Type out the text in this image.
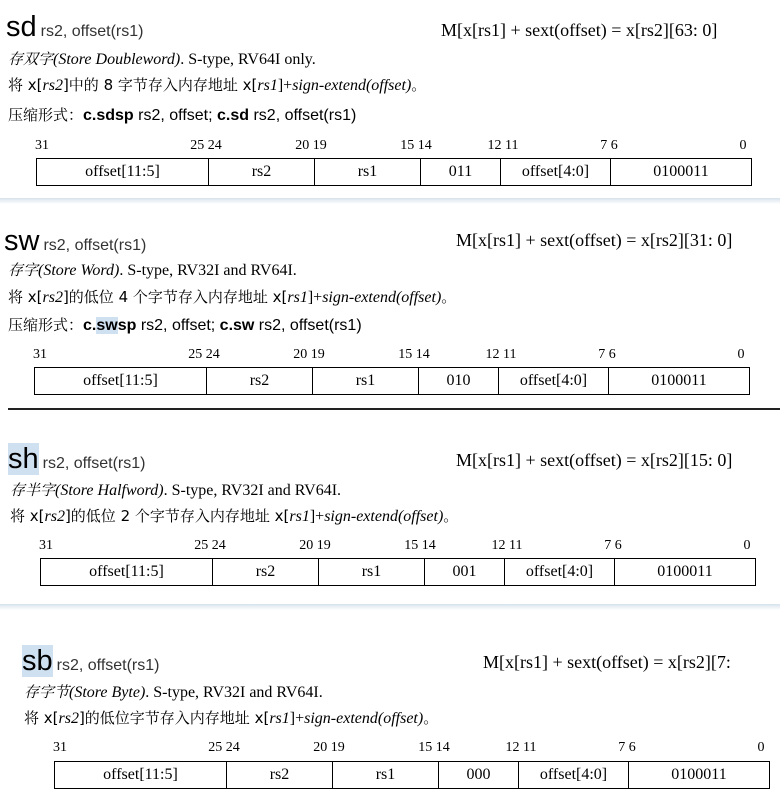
sd rs2, offset(rs1)	M[x[rs1] + sext(offset) = x[rs2][63: 0]
存双字(Store Doubleword). S-type, RV64I only.
将 x[rs2]中的 8 字节存入内存地址 x[rs1]+sign-extend(offset)。
压缩形式：c.sdsp rs2, offset; c.sd rs2, offset(rs1)
31	25 24	20 19	15 14	12 11	7 6	0
offset[11:5]	rs2	rs1	011	offset[4:0]	0100011
sw rs2, offset(rs1)	M[x[rs1] + sext(offset) = x[rs2][31: 0]
存字(Store Word). S-type, RV32I and RV64I.
将 x[rs2]的低位 4 个字节存入内存地址 x[rs1]+sign-extend(offset)。
压缩形式：c.swsp rs2, offset; c.sw rs2, offset(rs1)
31	25 24	20 19	15 14	12 11	7 6	0
offset[11:5]	rs2	rs1	010	offset[4:0]	0100011
sh rs2, offset(rs1)	M[x[rs1] + sext(offset) = x[rs2][15: 0]
存半字(Store Halfword). S-type, RV32I and RV64I.
将 x[rs2]的低位 2 个字节存入内存地址 x[rs1]+sign-extend(offset)。
31	25 24	20 19	15 14	12 11	7 6	0
offset[11:5]	rs2	rs1	001	offset[4:0]	0100011
sb rs2, offset(rs1)	M[x[rs1] + sext(offset) = x[rs2][7:
存字节(Store Byte). S-type, RV32I and RV64I.
将 x[rs2]的低位字节存入内存地址 x[rs1]+sign-extend(offset)。
31	25 24	20 19	15 14	12 11	7 6	0
offset[11:5]	rs2	rs1	000	offset[4:0]	0100011
